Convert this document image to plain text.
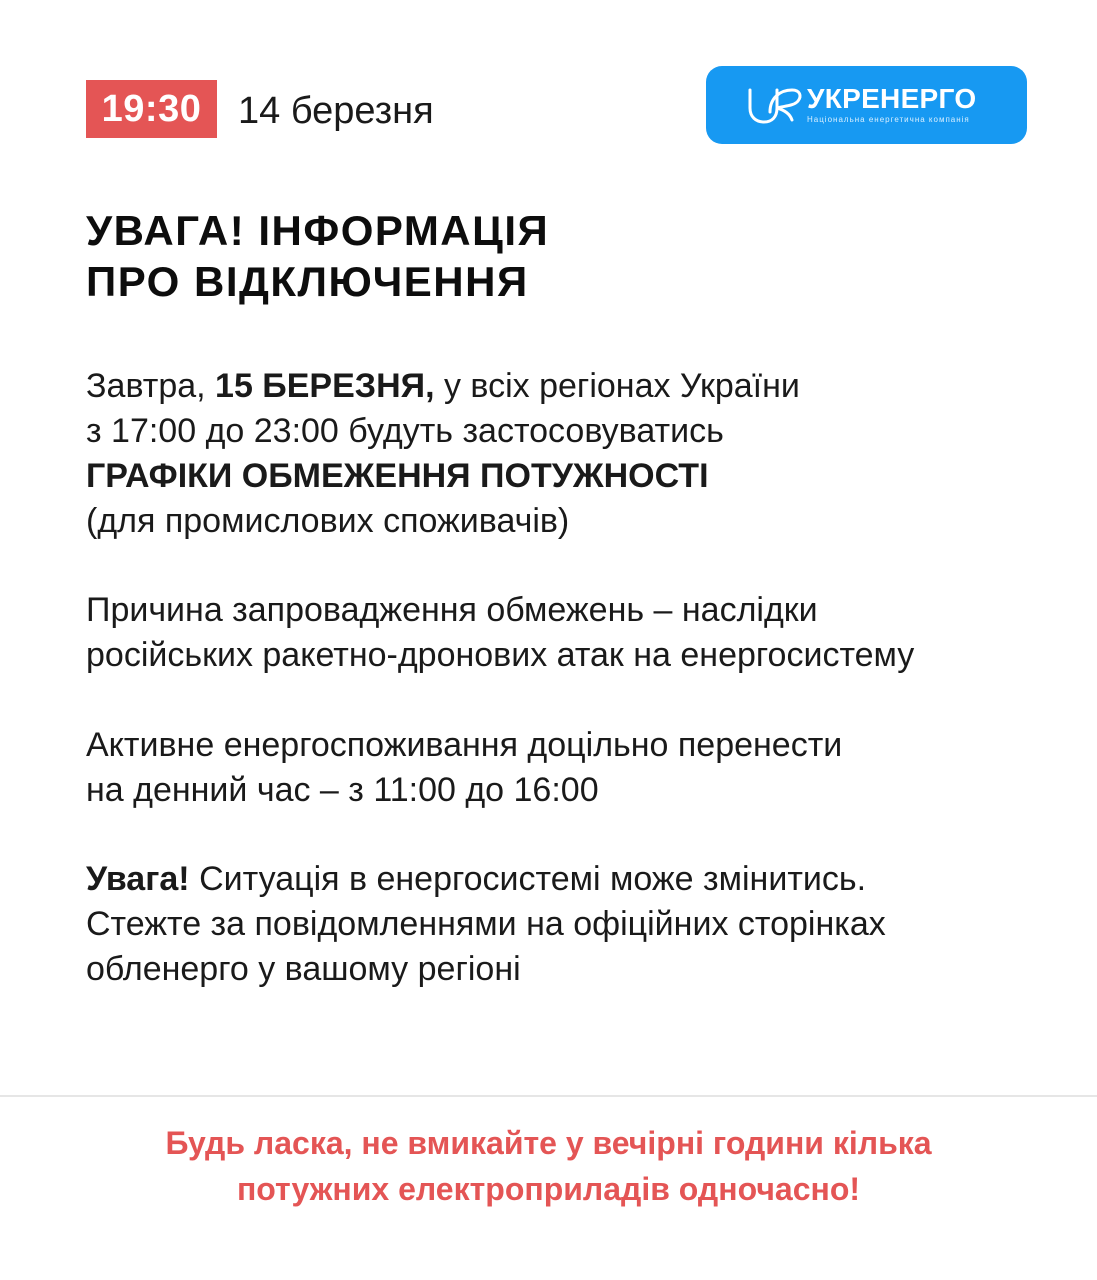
19:30 14 березня	УКРЕНЕРГО
Національна енергетична компанія
УВАГА! ІНФОРМАЦІЯ
ПРО ВІДКЛЮЧЕННЯ

Завтра, 15 БЕРЕЗНЯ, у всіх регіонах України
з 17:00 до 23:00 будуть застосовуватись
ГРАФІКИ ОБМЕЖЕННЯ ПОТУЖНОСТІ
(для промислових споживачів)

Причина запровадження обмежень – наслідки
російських ракетно-дронових атак на енергосистему

Активне енергоспоживання доцільно перенести
на денний час – з 11:00 до 16:00

Увага! Ситуація в енергосистемі може змінитись.
Стежте за повідомленнями на офіційних сторінках
обленерго у вашому регіоні

Будь ласка, не вмикайте у вечірні години кілька
потужних електроприладів одночасно!
